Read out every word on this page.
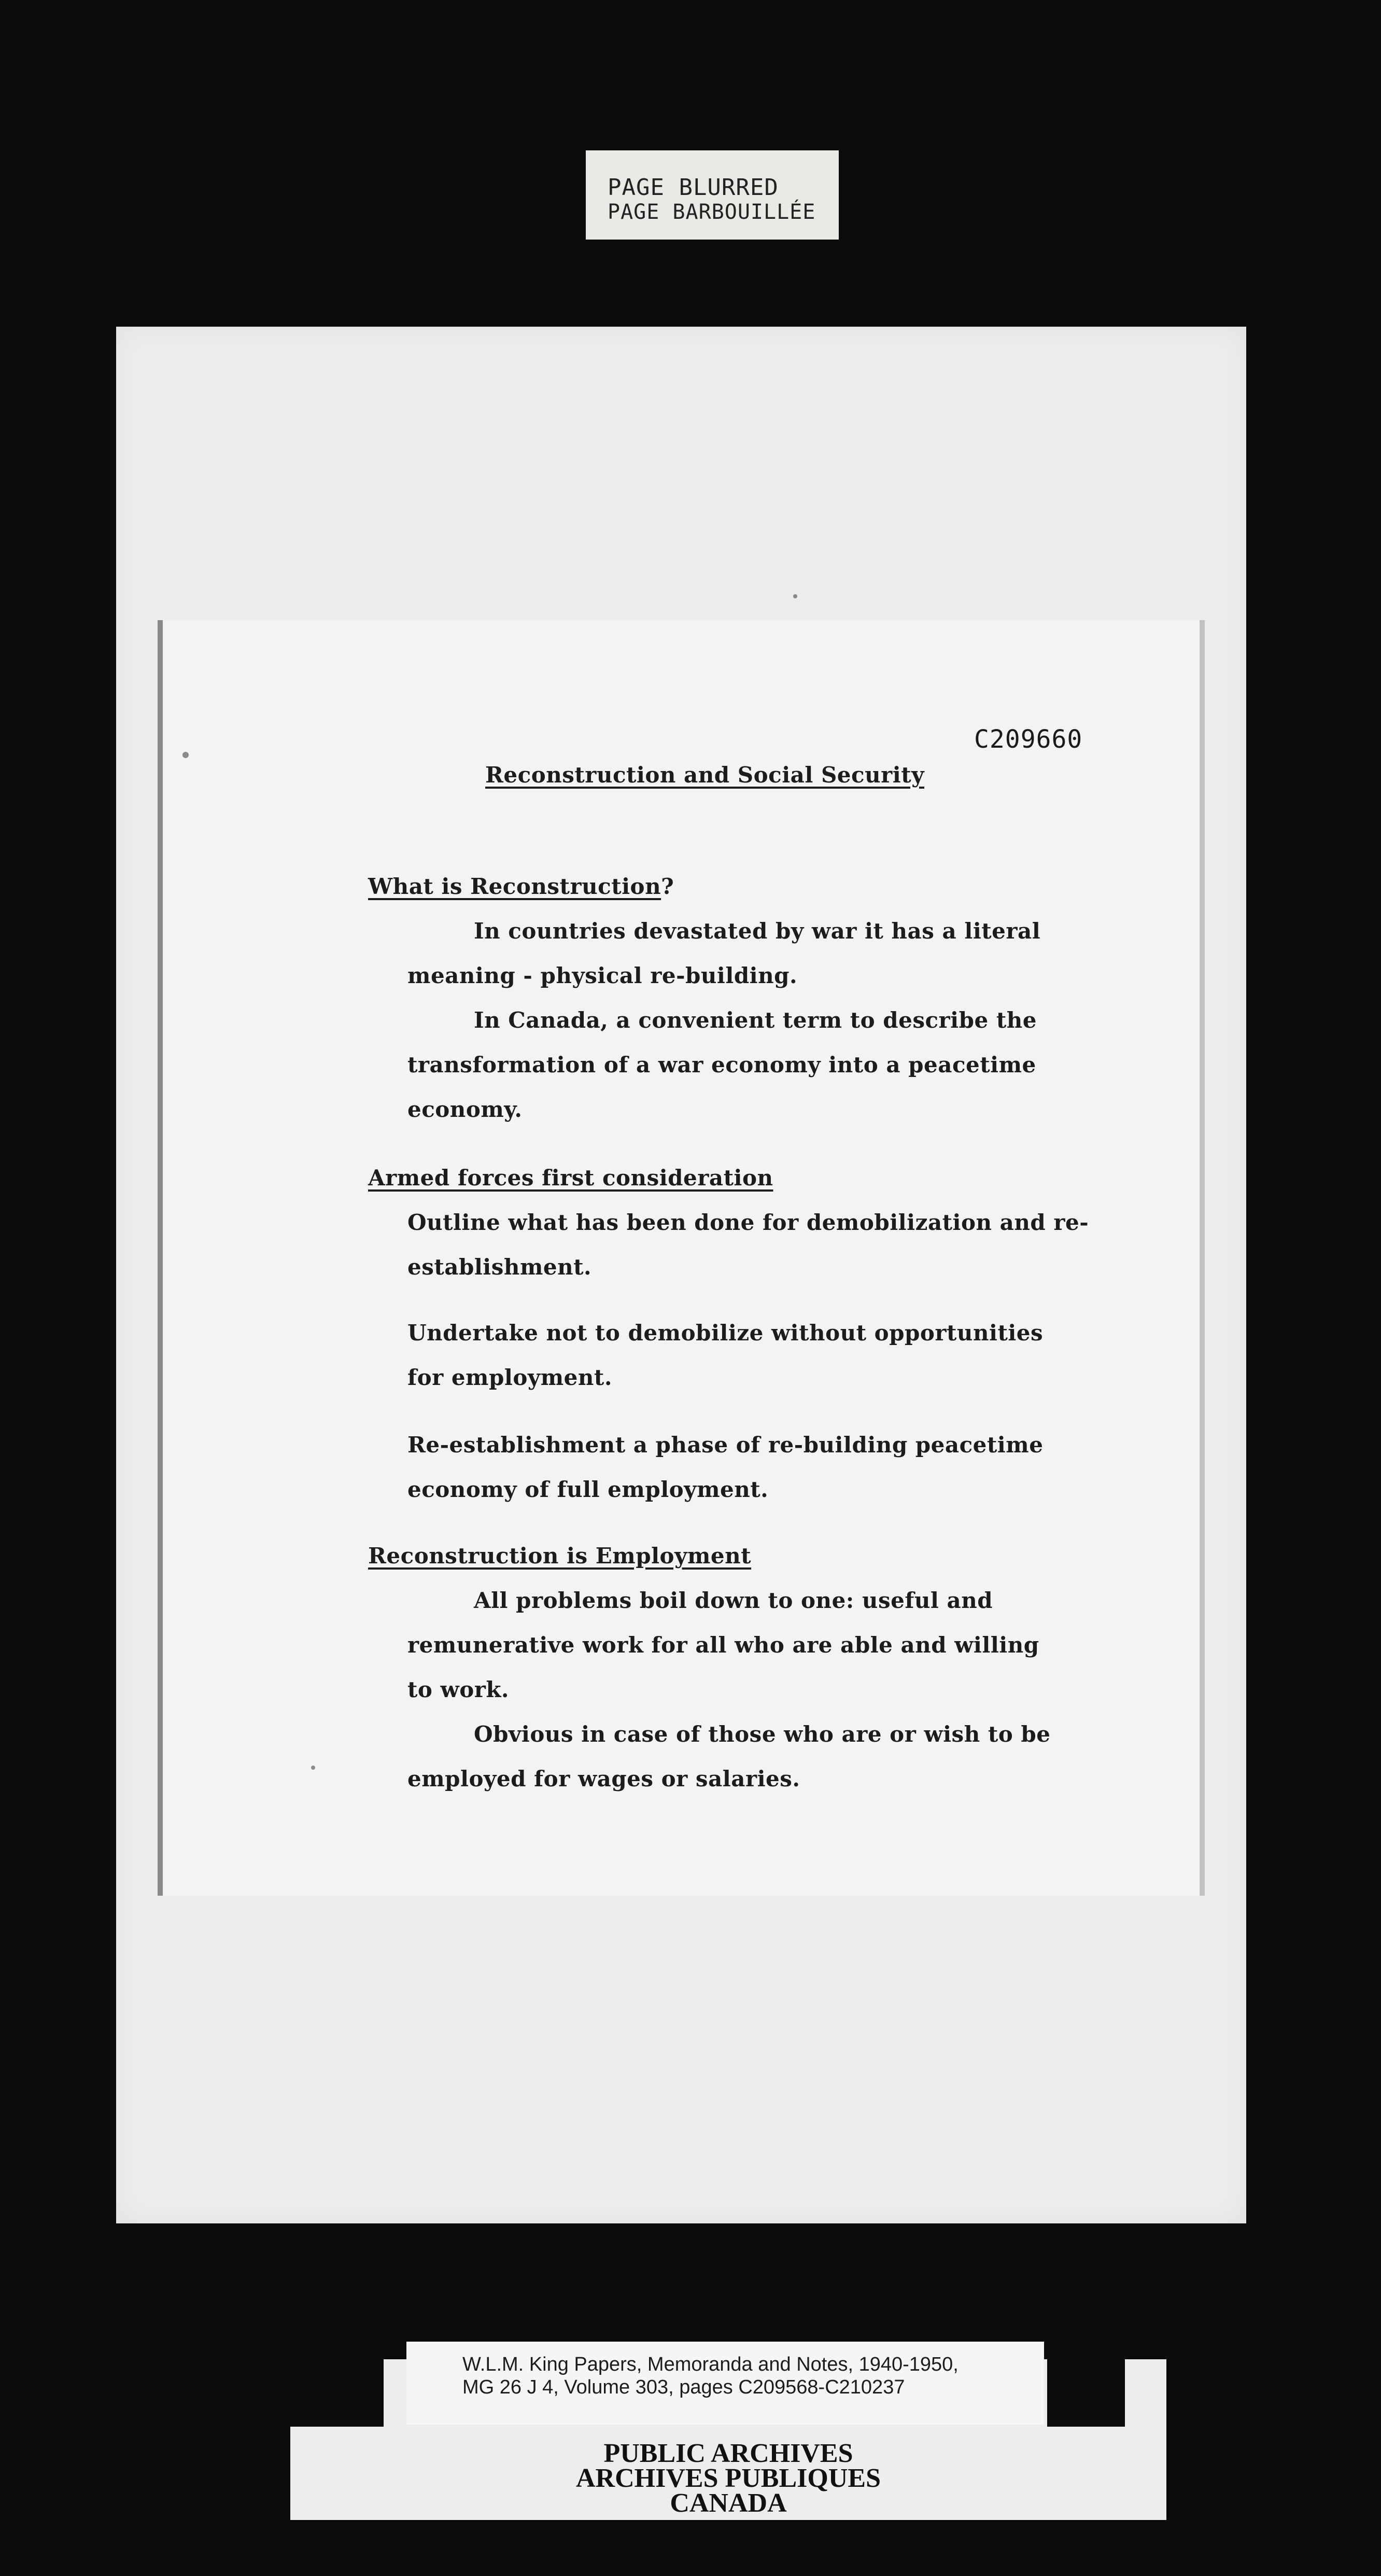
PAGE BLURRED
PAGE BARBOUILLÉE
C209660
Reconstruction and Social Security
What is Reconstruction?
In countries devastated by war it has a literal
meaning - physical re-building.
In Canada, a convenient term to describe the
transformation of a war economy into a peacetime
economy.
Armed forces first consideration
Outline what has been done for demobilization and re-
establishment.
Undertake not to demobilize without opportunities
for employment.
Re-establishment a phase of re-building peacetime
economy of full employment.
Reconstruction is Employment
All problems boil down to one: useful and
remunerative work for all who are able and willing
to work.
Obvious in case of those who are or wish to be
employed for wages or salaries.
W.L.M. King Papers, Memoranda and Notes, 1940-1950,
MG 26 J 4, Volume 303, pages C209568-C210237
PUBLIC ARCHIVES
ARCHIVES PUBLIQUES
CANADA
